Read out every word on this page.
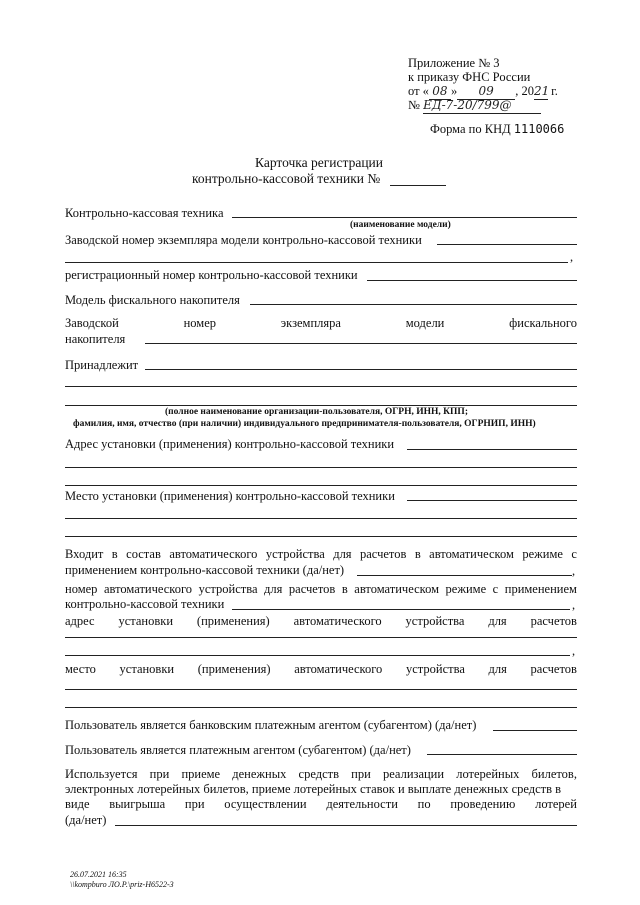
Приложение № 3
к приказу ФНС России
от « 08 » 09 , 2021 г.
№ ЕД-7-20/799@
Форма по КНД 1110066
Карточка регистрации
контрольно-кассовой техники №
Контрольно-кассовая техника
(наименование модели)
Заводской номер экземпляра модели контрольно-кассовой техники
,
регистрационный номер контрольно-кассовой техники
Модель фискального накопителя
Заводской	номер	экземпляра	модели	фискального
накопителя
Принадлежит
(полное наименование организации-пользователя, ОГРН, ИНН, КПП;
фамилия, имя, отчество (при наличии) индивидуального предпринимателя-пользователя, ОГРНИП, ИНН)
Адрес установки (применения) контрольно-кассовой техники
Место установки (применения) контрольно-кассовой техники
Входит в состав автоматического устройства для расчетов в автоматическом режиме с
применением контрольно-кассовой техники (да/нет)	,
номер автоматического устройства для расчетов в автоматическом режиме с применением
контрольно-кассовой техники	,
адрес установки (применения) автоматического устройства для расчетов
,
место установки (применения) автоматического устройства для расчетов
Пользователь является банковским платежным агентом (субагентом) (да/нет)
Пользователь является платежным агентом (субагентом) (да/нет)
Используется при приеме денежных средств при реализации лотерейных билетов,
электронных лотерейных билетов, приеме лотерейных ставок и выплате денежных средств в
виде выигрыша при осуществлении деятельности по проведению лотерей
(да/нет)
26.07.2021 16:35
\\kompburo ЛО.Р.\priz-Н6522-3
